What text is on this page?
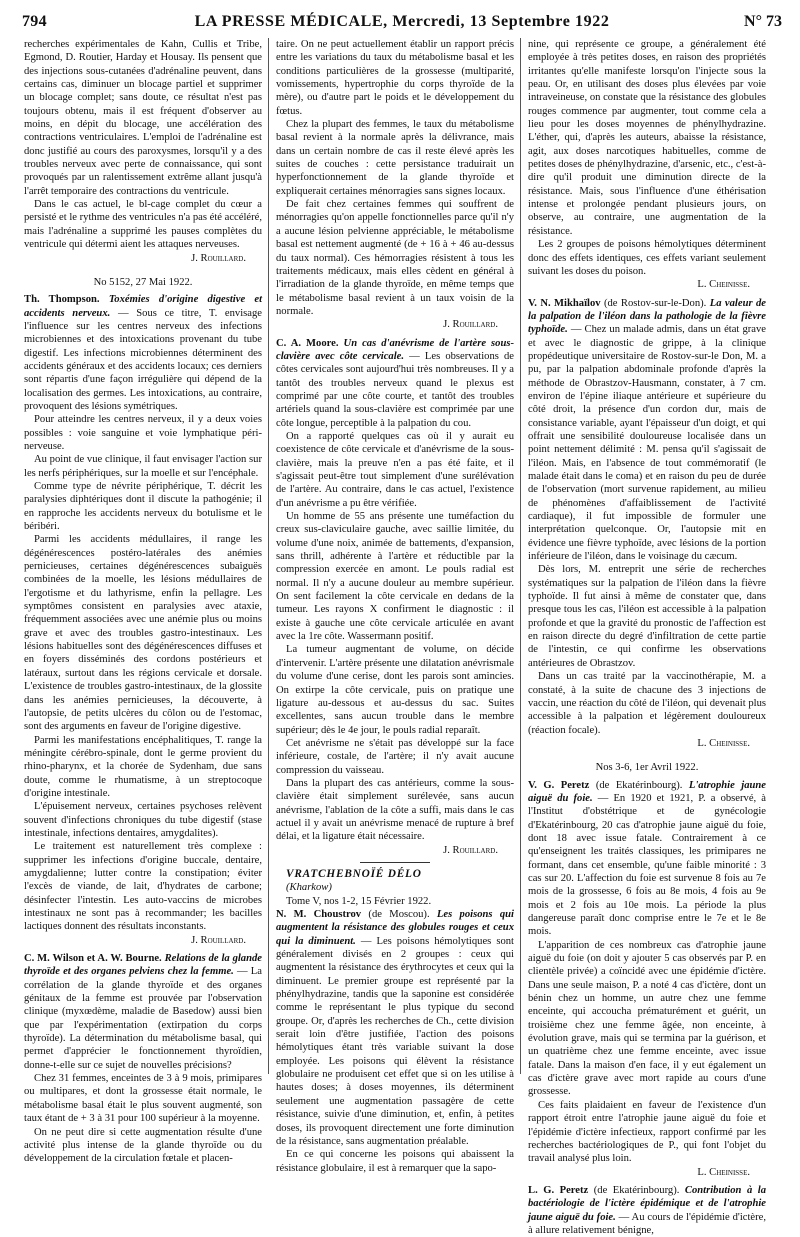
794	LA PRESSE MÉDICALE, Mercredi, 13 Septembre 1922	N° 73

recherches expérimentales de Kahn, Cullis et Tribe, Egmond, D. Routier, Harday et Housay. Ils pensent que des injections sous-cutanées d'adrénaline peuvent, dans certains cas, diminuer un blocage partiel et supprimer un blocage complet; sans doute, ce résultat n'est pas toujours obtenu, mais il est fréquent d'observer au moins, en dépit du blocage, une accélération des contractions ventriculaires. L'emploi de l'adrénaline est donc justifié au cours des paroxysmes, lorsqu'il y a des troubles nerveux avec perte de connaissance, qui sont provoqués par un ralentissement extrême allant jusqu'à l'arrêt temporaire des contractions du ventricule.

Dans le cas actuel, le bl-cage complet du cœur a persisté et le rythme des ventricules n'a pas été accéléré, mais l'adrénaline a supprimé les pauses complètes du ventricule qui détermi aient les attaques nerveuses.

J. Rouillard.

No 5152, 27 Mai 1922.

Th. Thompson. Toxémies d'origine digestive et accidents nerveux. — Sous ce titre, T. envisage l'influence sur les centres nerveux des infections microbiennes et des intoxications provenant du tube digestif. Les infections microbiennes déterminent des accidents généraux et des accidents locaux; ces derniers sont répartis d'une façon irrégulière qui dépend de la localisation des germes. Les intoxications, au contraire, provoquent des lésions symétriques.

Pour atteindre les centres nerveux, il y a deux voies possibles : voie sanguine et voie lymphatique péri-nerveuse.

Au point de vue clinique, il faut envisager l'action sur les nerfs périphériques, sur la moelle et sur l'encéphale.

Comme type de névrite périphérique, T. décrit les paralysies diphtériques dont il discute la pathogénie; il en rapproche les accidents nerveux du botulisme et le béribéri.

Parmi les accidents médullaires, il range les dégénérescences postéro-latérales des anémies pernicieuses, certaines dégénérescences subaiguës combinées de la moelle, les lésions médullaires de l'ergotisme et du lathyrisme, enfin la pellagre. Les symptômes consistent en paralysies avec ataxie, fréquemment associées avec une anémie plus ou moins grave et avec des troubles gastro-intestinaux. Les lésions habituelles sont des dégénérescences diffuses et en foyers disséminés des cordons postérieurs et latéraux, surtout dans les régions cervicale et dorsale. L'existence de troubles gastro-intestinaux, de la glossite dans les anémies pernicieuses, la découverte, à l'autopsie, de petits ulcères du côlon ou de l'estomac, sont des arguments en faveur de l'origine digestive.

Parmi les manifestations encéphalitiques, T. range la méningite cérébro-spinale, dont le germe provient du rhino-pharynx, et la chorée de Sydenham, due sans doute, comme le rhumatisme, à un streptocoque d'origine intestinale.

L'épuisement nerveux, certaines psychoses relèvent souvent d'infections chroniques du tube digestif (stase intestinale, infections dentaires, amygdalites).

Le traitement est naturellement très complexe : supprimer les infections d'origine buccale, dentaire, amygdalienne; lutter contre la constipation; éviter l'excès de viande, de lait, d'hydrates de carbone; désinfecter l'intestin. Les auto-vaccins de microbes intestinaux ne sont pas à recommander; les bacilles lactiques donnent des résultats inconstants.

J. Rouillard.

C. M. Wilson et A. W. Bourne. Relations de la glande thyroïde et des organes pelviens chez la femme. — La corrélation de la glande thyroïde et des organes génitaux de la femme est prouvée par l'observation clinique (myxœdème, maladie de Basedow) aussi bien que par l'expérimentation (extirpation du corps thyroïde). La détermination du métabolisme basal, qui permet d'apprécier le fonctionnement thyroïdien, donne-t-elle sur ce sujet de nouvelles précisions?

Chez 31 femmes, enceintes de 3 à 9 mois, primipares ou multipares, et dont la grossesse était normale, le métabolisme basal était le plus souvent augmenté, son taux étant de + 3 à 31 pour 100 supérieur à la moyenne.

On ne peut dire si cette augmentation résulte d'une activité plus intense de la glande thyroïde ou du développement de la circulation fœtale et placen-

taire. On ne peut actuellement établir un rapport précis entre les variations du taux du métabolisme basal et les conditions particulières de la grossesse (multiparité, vomissements, hypertrophie du corps thyroïde de la mère), ou d'autre part le poids et le développement du fœtus.

Chez la plupart des femmes, le taux du métabolisme basal revient à la normale après la délivrance, mais dans un certain nombre de cas il reste élevé après les suites de couches : cette persistance traduirait un hyperfonctionnement de la glande thyroïde et expliquerait certaines ménorragies sans signes locaux.

De fait chez certaines femmes qui souffrent de ménorragies qu'on appelle fonctionnelles parce qu'il n'y a aucune lésion pelvienne appréciable, le métabolisme basal est nettement augmenté (de + 16 à + 46 au-dessus du taux normal). Ces hémorragies résistent à tous les traitements médicaux, mais elles cèdent en général à l'irradiation de la glande thyroïde, en même temps que le métabolisme basal revient à un taux voisin de la normale.

J. Rouillard.

C. A. Moore. Un cas d'anévrisme de l'artère sous-clavière avec côte cervicale. — Les observations de côtes cervicales sont aujourd'hui très nombreuses. Il y a tantôt des troubles nerveux quand le plexus est comprimé par une côte courte, et tantôt des troubles artériels quand la sous-clavière est comprimée par une côte longue, perceptible à la palpation du cou.

On a rapporté quelques cas où il y aurait eu coexistence de côte cervicale et d'anévrisme de la sous-clavière, mais la preuve n'en a pas été faite, et il s'agissait peut-être tout simplement d'une surélévation de l'artère. Au contraire, dans le cas actuel, l'existence d'un anévrisme a pu être vérifiée.

Un homme de 55 ans présente une tuméfaction du creux sus-claviculaire gauche, avec saillie limitée, du volume d'une noix, animée de battements, d'expansion, sans thrill, adhérente à l'artère et réductible par la compression exercée en amont. Le pouls radial est normal. Il n'y a aucune douleur au membre supérieur. On sent facilement la côte cervicale en dedans de la tumeur. Les rayons X confirment le diagnostic : il existe à gauche une côte cervicale articulée en avant avec la 1re côte. Wassermann positif.

La tumeur augmentant de volume, on décide d'intervenir. L'artère présente une dilatation anévrismale du volume d'une cerise, dont les parois sont amincies. On extirpe la côte cervicale, puis on pratique une ligature au-dessous et au-dessus du sac. Suites excellentes, sans aucun trouble dans le membre supérieur; dès le 4e jour, le pouls radial reparaît.

Cet anévrisme ne s'était pas développé sur la face inférieure, costale, de l'artère; il n'y avait aucune compression du vaisseau.

Dans la plupart des cas antérieurs, comme la sous-clavière était simplement surélevée, sans aucun anévrisme, l'ablation de la côte a suffi, mais dans le cas actuel il y avait un anévrisme menacé de rupture à bref délai, et la ligature était nécessaire.

J. Rouillard.

VRATCHEBNOÏÉ DÉLO

(Kharkow)

Tome V, nos 1-2, 15 Février 1922.

N. M. Choustrov (de Moscou). Les poisons qui augmentent la résistance des globules rouges et ceux qui la diminuent. — Les poisons hémolytiques sont généralement divisés en 2 groupes : ceux qui augmentent la résistance des érythrocytes et ceux qui la diminuent. Le premier groupe est représenté par la phénylhydrazine, tandis que la saponine est considérée comme le représentant le plus typique du second groupe. Or, d'après les recherches de Ch., cette division serait loin d'être justifiée, l'action des poisons hémolytiques étant très variable suivant la dose employée. Les poisons qui élèvent la résistance globulaire ne produisent cet effet que si on les utilise à hautes doses; à doses moyennes, ils déterminent seulement une augmentation passagère de cette résistance, suivie d'une diminution, et, enfin, à petites doses, ils provoquent directement une forte diminution de la résistance, sans augmentation préalable.

En ce qui concerne les poisons qui abaissent la résistance globulaire, il est à remarquer que la sapo-

nine, qui représente ce groupe, a généralement été employée à très petites doses, en raison des propriétés irritantes qu'elle manifeste lorsqu'on l'injecte sous la peau. Or, en utilisant des doses plus élevées par voie intraveineuse, on constate que la résistance des globules rouges commence par augmenter, tout comme cela a lieu pour les doses moyennes de phénylhydrazine. L'éther, qui, d'après les auteurs, abaisse la résistance, agit, aux doses narcotiques habituelles, comme de petites doses de phénylhydrazine, d'arsenic, etc., c'est-à-dire qu'il produit une diminution directe de la résistance. Mais, sous l'influence d'une éthérisation intense et prolongée pendant plusieurs jours, on observe, au contraire, une augmentation de la résistance.

Les 2 groupes de poisons hémolytiques déterminent donc des effets identiques, ces effets variant seulement suivant les doses du poison.

L. Cheinisse.

V. N. Mikhaïlov (de Rostov-sur-le-Don). La valeur de la palpation de l'iléon dans la pathologie de la fièvre typhoïde. — Chez un malade admis, dans un état grave et avec le diagnostic de grippe, à la clinique propédeutique universitaire de Rostov-sur-le Don, M. a pu, par la palpation abdominale profonde d'après la méthode de Obrastzov-Hausmann, constater, à 7 cm. environ de l'épine iliaque antérieure et supérieure du côté droit, la présence d'un cordon dur, mais de consistance variable, ayant l'épaisseur d'un doigt, et qui offrait une sensibilité douloureuse localisée dans un point nettement délimité : M. pensa qu'il s'agissait de l'iléon. Mais, en l'absence de tout commémoratif (le malade était dans le coma) et en raison du peu de durée de l'observation (mort survenue rapidement, au milieu de phénomènes d'affaiblissement de l'activité cardiaque), il fut impossible de formuler une interprétation quelconque. Or, l'autopsie mit en évidence une fièvre typhoïde, avec lésions de la portion inférieure de l'iléon, dans le voisinage du cæcum.

Dès lors, M. entreprit une série de recherches systématiques sur la palpation de l'iléon dans la fièvre typhoïde. Il fut ainsi à même de constater que, dans presque tous les cas, l'iléon est accessible à la palpation profonde et que la gravité du pronostic de l'affection est en raison directe du degré d'infiltration de cette partie de l'intestin, ce qui confirme les observations antérieures de Obrastzov.

Dans un cas traité par la vaccinothérapie, M. a constaté, à la suite de chacune des 3 injections de vaccin, une réaction du côté de l'iléon, qui devenait plus accessible à la palpation et légèrement douloureux (réaction focale).

L. Cheinisse.

Nos 3-6, 1er Avril 1922.

V. G. Peretz (de Ekatérinbourg). L'atrophie jaune aiguë du foie. — En 1920 et 1921, P. a observé, à l'Institut d'obstétrique et de gynécologie d'Ekatérinbourg, 20 cas d'atrophie jaune aiguë du foie, dont 18 avec issue fatale. Contrairement à ce qu'enseignent les traités classiques, les primipares ne formant, dans cet ensemble, qu'une faible minorité : 3 cas sur 20. L'affection du foie est survenue 8 fois au 7e mois de la grossesse, 6 fois au 8e mois, 4 fois au 9e mois et 2 fois au 10e mois. La période la plus dangereuse paraît donc comprise entre le 7e et le 8e mois.

L'apparition de ces nombreux cas d'atrophie jaune aiguë du foie (on doit y ajouter 5 cas observés par P. en clientèle privée) a coïncidé avec une épidémie d'ictère. Dans une seule maison, P. a noté 4 cas d'ictère, dont un bénin chez un homme, un autre chez une femme enceinte, qui accoucha prématurément et guérit, un troisième chez une femme âgée, non enceinte, à évolution grave, mais qui se termina par la guérison, et un quatrième chez une femme enceinte, avec issue fatale. Dans la maison d'en face, il y eut également un cas d'ictère grave avec mort rapide au cours d'une grossesse.

Ces faits plaidaient en faveur de l'existence d'un rapport étroit entre l'atrophie jaune aiguë du foie et l'épidémie d'ictère infectieux, rapport confirmé par les recherches bactériologiques de P., qui font l'objet du travail analysé plus loin.

L. Cheinisse.

L. G. Peretz (de Ekatérinbourg). Contribution à la bactériologie de l'ictère épidémique et de l'atrophie jaune aiguë du foie. — Au cours de l'épidémie d'ictère, à allure relativement bénigne,
